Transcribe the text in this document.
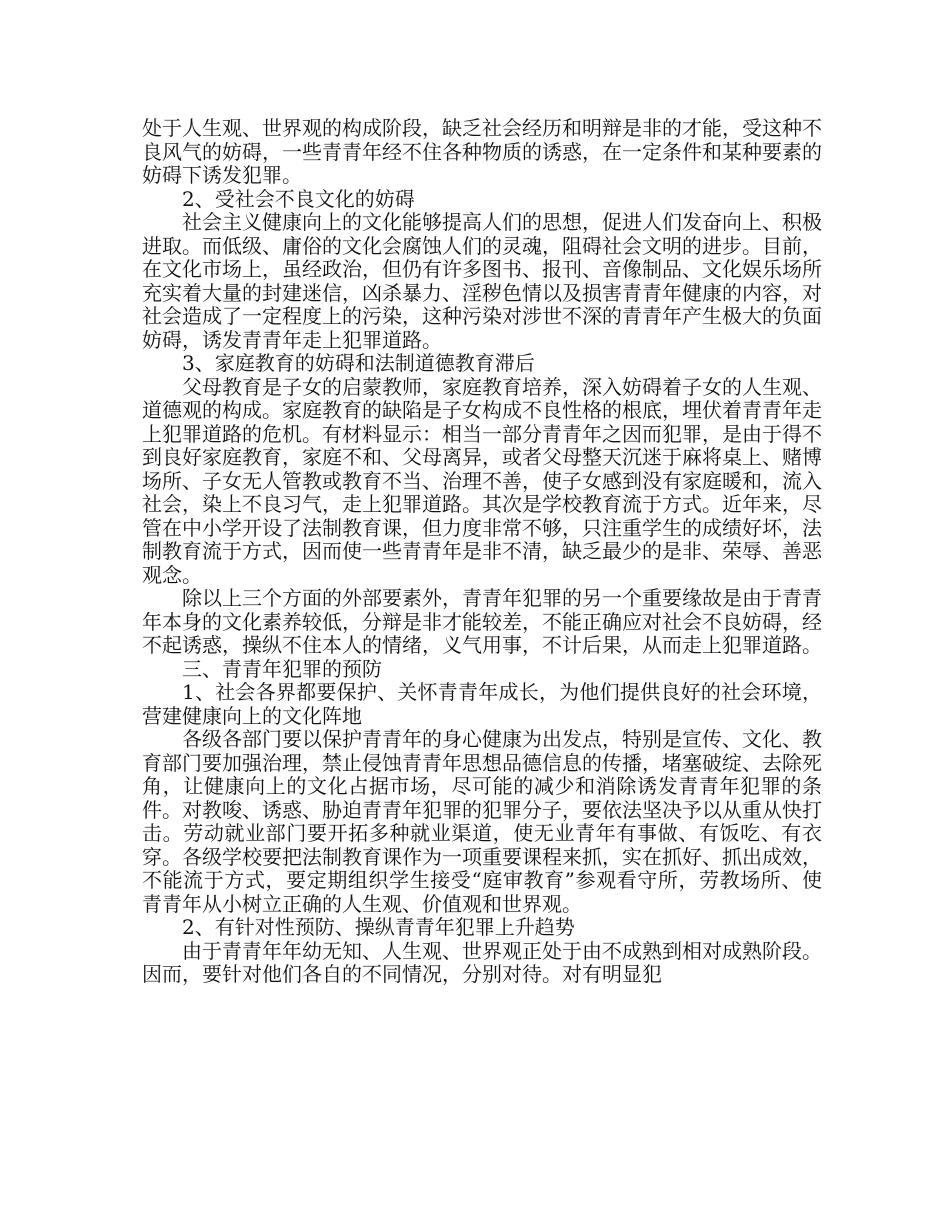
处于人生观、世界观的构成阶段，缺乏社会经历和明辩是非的才能，受这种不良风气的妨碍，一些青青年经不住各种物质的诱惑，在一定条件和某种要素的妨碍下诱发犯罪。

2、受社会不良文化的妨碍

社会主义健康向上的文化能够提高人们的思想，促进人们发奋向上、积极进取。而低级、庸俗的文化会腐蚀人们的灵魂，阻碍社会文明的进步。目前，在文化市场上，虽经政治，但仍有许多图书、报刊、音像制品、文化娱乐场所充实着大量的封建迷信，凶杀暴力、淫秽色情以及损害青青年健康的内容，对社会造成了一定程度上的污染，这种污染对涉世不深的青青年产生极大的负面妨碍，诱发青青年走上犯罪道路。

3、家庭教育的妨碍和法制道德教育滞后

父母教育是子女的启蒙教师，家庭教育培养，深入妨碍着子女的人生观、道德观的构成。家庭教育的缺陷是子女构成不良性格的根底，埋伏着青青年走上犯罪道路的危机。有材料显示：相当一部分青青年之因而犯罪，是由于得不到良好家庭教育，家庭不和、父母离异，或者父母整天沉迷于麻将桌上、赌博场所、子女无人管教或教育不当、治理不善，使子女感到没有家庭暖和，流入社会，染上不良习气，走上犯罪道路。其次是学校教育流于方式。近年来，尽管在中小学开设了法制教育课，但力度非常不够，只注重学生的成绩好坏，法制教育流于方式，因而使一些青青年是非不清，缺乏最少的是非、荣辱、善恶观念。

除以上三个方面的外部要素外，青青年犯罪的另一个重要缘故是由于青青年本身的文化素养较低，分辩是非才能较差，不能正确应对社会不良妨碍，经不起诱惑，操纵不住本人的情绪，义气用事，不计后果，从而走上犯罪道路。

三、青青年犯罪的预防

1、社会各界都要保护、关怀青青年成长，为他们提供良好的社会环境，营建健康向上的文化阵地

各级各部门要以保护青青年的身心健康为出发点，特别是宣传、文化、教育部门要加强治理，禁止侵蚀青青年思想品德信息的传播，堵塞破绽、去除死角，让健康向上的文化占据市场，尽可能的减少和消除诱发青青年犯罪的条件。对教唆、诱惑、胁迫青青年犯罪的犯罪分子，要依法坚决予以从重从快打击。劳动就业部门要开拓多种就业渠道，使无业青年有事做、有饭吃、有衣穿。各级学校要把法制教育课作为一项重要课程来抓，实在抓好、抓出成效，不能流于方式，要定期组织学生接受“庭审教育”参观看守所，劳教场所、使青青年从小树立正确的人生观、价值观和世界观。

2、有针对性预防、操纵青青年犯罪上升趋势

由于青青年年幼无知、人生观、世界观正处于由不成熟到相对成熟阶段。因而，要针对他们各自的不同情况，分别对待。对有明显犯
